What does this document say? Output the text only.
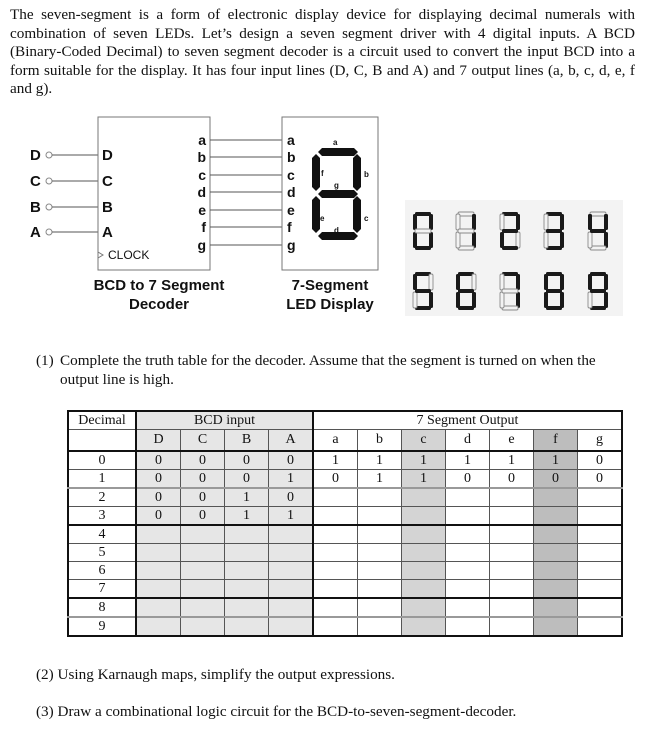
The seven-segment is a form of electronic display device for displaying decimal numerals with combination of seven LEDs. Let’s design a seven segment driver with 4 digital inputs. A BCD (Binary-Coded Decimal) to seven segment decoder is a circuit used to convert the input BCD into a form suitable for the display. It has four input lines (D, C, B and A) and 7 output lines (a, b, c, d, e, f and g).
D
C
B
A
D
C
B
A
CLOCK
a
b
c
d
e
f
g
a
b
c
d
e
f
g
a
b
c
d
e
f
g
BCD to 7 Segment
Decoder
7-Segment
LED Display
(1) Complete the truth table for the decoder. Assume that the segment is turned on when the output line is high.
Decimal	BCD input				7 Segment Output						
	D	C	B	A	a	b	c	d	e	f	g
0	0	0	0	0	1	1	1	1	1	1	0
1	0	0	0	1	0	1	1	0	0	0	0
2	0	0	1	0							
3	0	0	1	1							
4											
5											
6											
7											
8											
9											
(2) Using Karnaugh maps, simplify the output expressions.
(3) Draw a combinational logic circuit for the BCD-to-seven-segment-decoder.
